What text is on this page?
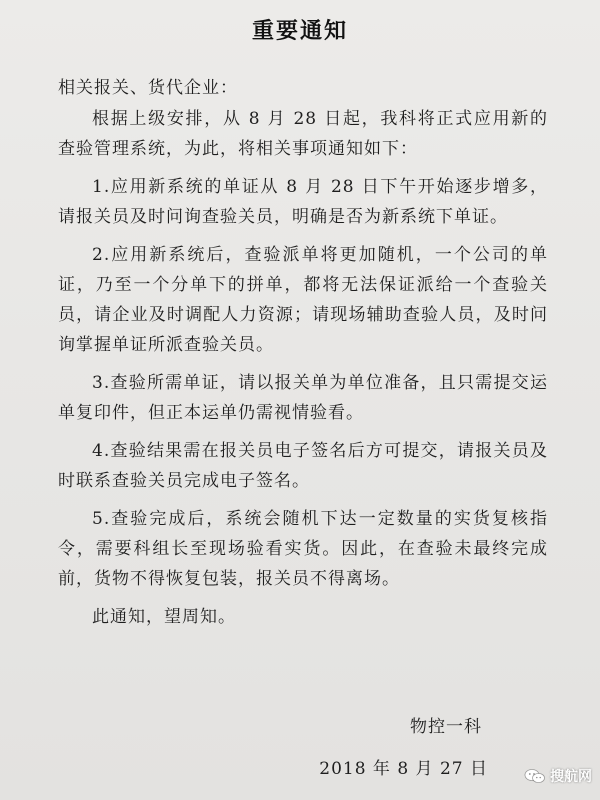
重要通知
相关报关、货代企业：

根据上级安排，从 8 月 28 日起，我科将正式应用新的查验管理系统，为此，将相关事项通知如下：

1.应用新系统的单证从 8 月 28 日下午开始逐步增多，请报关员及时问询查验关员，明确是否为新系统下单证。

2.应用新系统后，查验派单将更加随机，一个公司的单证，乃至一个分单下的拼单，都将无法保证派给一个查验关员，请企业及时调配人力资源；请现场辅助查验人员，及时问询掌握单证所派查验关员。

3.查验所需单证，请以报关单为单位准备，且只需提交运单复印件，但正本运单仍需视情验看。

4.查验结果需在报关员电子签名后方可提交，请报关员及时联系查验关员完成电子签名。

5.查验完成后，系统会随机下达一定数量的实货复核指令，需要科组长至现场验看实货。因此，在查验未最终完成前，货物不得恢复包装，报关员不得离场。

此通知，望周知。

物控一科
2018 年 8 月 27 日	搜航网
